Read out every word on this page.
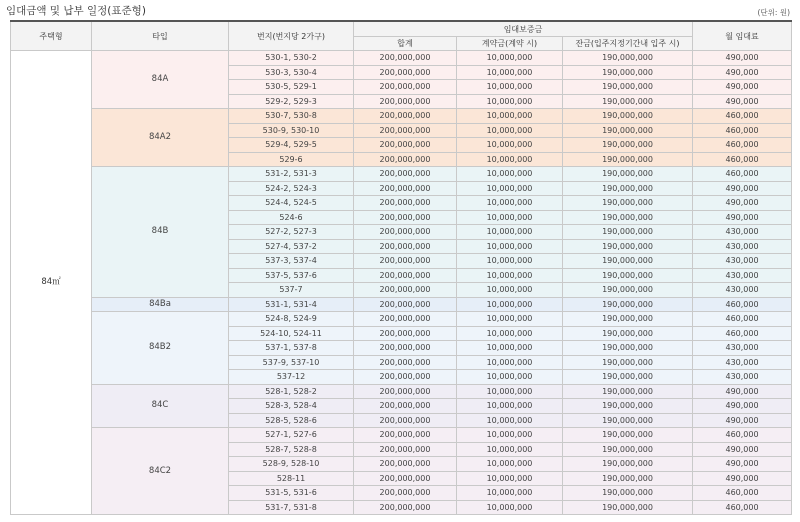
임대금액 및 납부 일정(표준형)	(단위: 원)
주택형	타입	번지(번지당 2가구)	임대보증금			월 임대료
			합계	계약금(계약 시)	잔금(입주지정기간내 입주 시)	
84㎡	84A	530-1, 530-2	200,000,000	10,000,000	190,000,000	490,000
		530-3, 530-4	200,000,000	10,000,000	190,000,000	490,000
		530-5, 529-1	200,000,000	10,000,000	190,000,000	490,000
		529-2, 529-3	200,000,000	10,000,000	190,000,000	490,000
	84A2	530-7, 530-8	200,000,000	10,000,000	190,000,000	460,000
		530-9, 530-10	200,000,000	10,000,000	190,000,000	460,000
		529-4, 529-5	200,000,000	10,000,000	190,000,000	460,000
		529-6	200,000,000	10,000,000	190,000,000	460,000
	84B	531-2, 531-3	200,000,000	10,000,000	190,000,000	460,000
		524-2, 524-3	200,000,000	10,000,000	190,000,000	490,000
		524-4, 524-5	200,000,000	10,000,000	190,000,000	490,000
		524-6	200,000,000	10,000,000	190,000,000	490,000
		527-2, 527-3	200,000,000	10,000,000	190,000,000	430,000
		527-4, 537-2	200,000,000	10,000,000	190,000,000	430,000
		537-3, 537-4	200,000,000	10,000,000	190,000,000	430,000
		537-5, 537-6	200,000,000	10,000,000	190,000,000	430,000
		537-7	200,000,000	10,000,000	190,000,000	430,000
	84Ba	531-1, 531-4	200,000,000	10,000,000	190,000,000	460,000
	84B2	524-8, 524-9	200,000,000	10,000,000	190,000,000	460,000
		524-10, 524-11	200,000,000	10,000,000	190,000,000	460,000
		537-1, 537-8	200,000,000	10,000,000	190,000,000	430,000
		537-9, 537-10	200,000,000	10,000,000	190,000,000	430,000
		537-12	200,000,000	10,000,000	190,000,000	430,000
	84C	528-1, 528-2	200,000,000	10,000,000	190,000,000	490,000
		528-3, 528-4	200,000,000	10,000,000	190,000,000	490,000
		528-5, 528-6	200,000,000	10,000,000	190,000,000	490,000
	84C2	527-1, 527-6	200,000,000	10,000,000	190,000,000	460,000
		528-7, 528-8	200,000,000	10,000,000	190,000,000	490,000
		528-9, 528-10	200,000,000	10,000,000	190,000,000	490,000
		528-11	200,000,000	10,000,000	190,000,000	490,000
		531-5, 531-6	200,000,000	10,000,000	190,000,000	460,000
		531-7, 531-8	200,000,000	10,000,000	190,000,000	460,000
